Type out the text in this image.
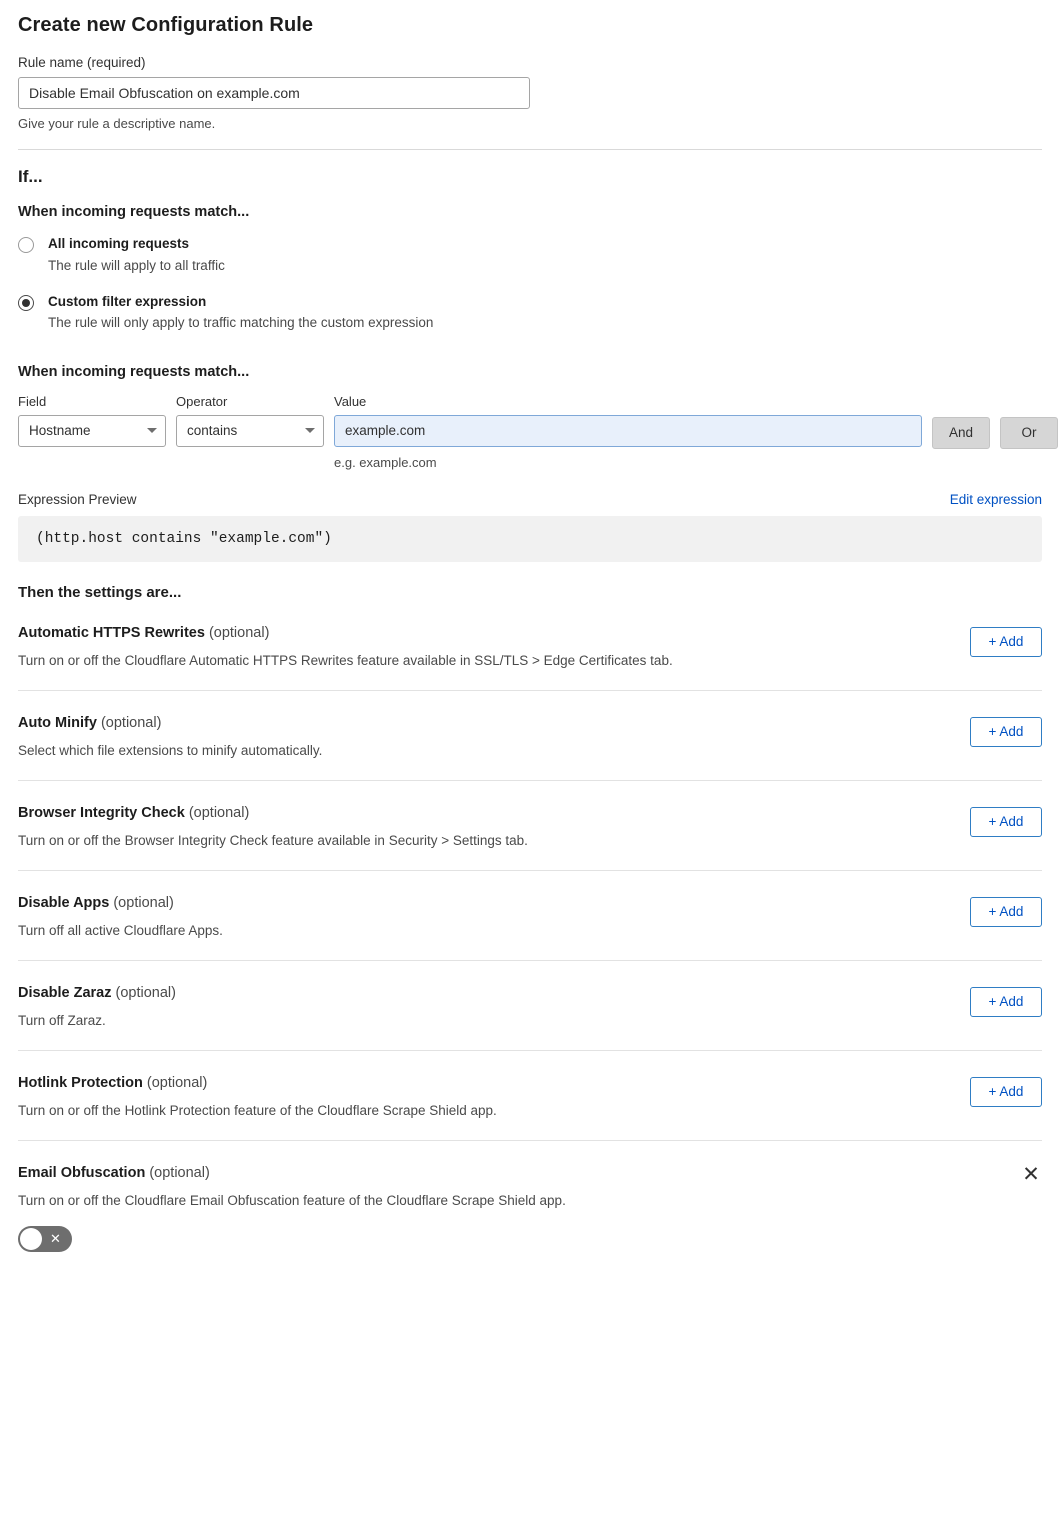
Create new Configuration Rule
Rule name (required)
Disable Email Obfuscation on example.com
Give your rule a descriptive name.
If...
When incoming requests match...
All incoming requests
The rule will apply to all traffic
Custom filter expression
The rule will only apply to traffic matching the custom expression
When incoming requests match...
Field
Hostname
Operator
contains
Value
example.com
e.g. example.com
And	Or
Expression Preview	Edit expression
(http.host contains "example.com")
Then the settings are...
Automatic HTTPS Rewrites (optional)
Turn on or off the Cloudflare Automatic HTTPS Rewrites feature available in SSL/TLS > Edge Certificates tab.
+ Add
Auto Minify (optional)
Select which file extensions to minify automatically.
+ Add
Browser Integrity Check (optional)
Turn on or off the Browser Integrity Check feature available in Security > Settings tab.
+ Add
Disable Apps (optional)
Turn off all active Cloudflare Apps.
+ Add
Disable Zaraz (optional)
Turn off Zaraz.
+ Add
Hotlink Protection (optional)
Turn on or off the Hotlink Protection feature of the Cloudflare Scrape Shield app.
+ Add
Email Obfuscation (optional)
Turn on or off the Cloudflare Email Obfuscation feature of the Cloudflare Scrape Shield app.
✕
✕
